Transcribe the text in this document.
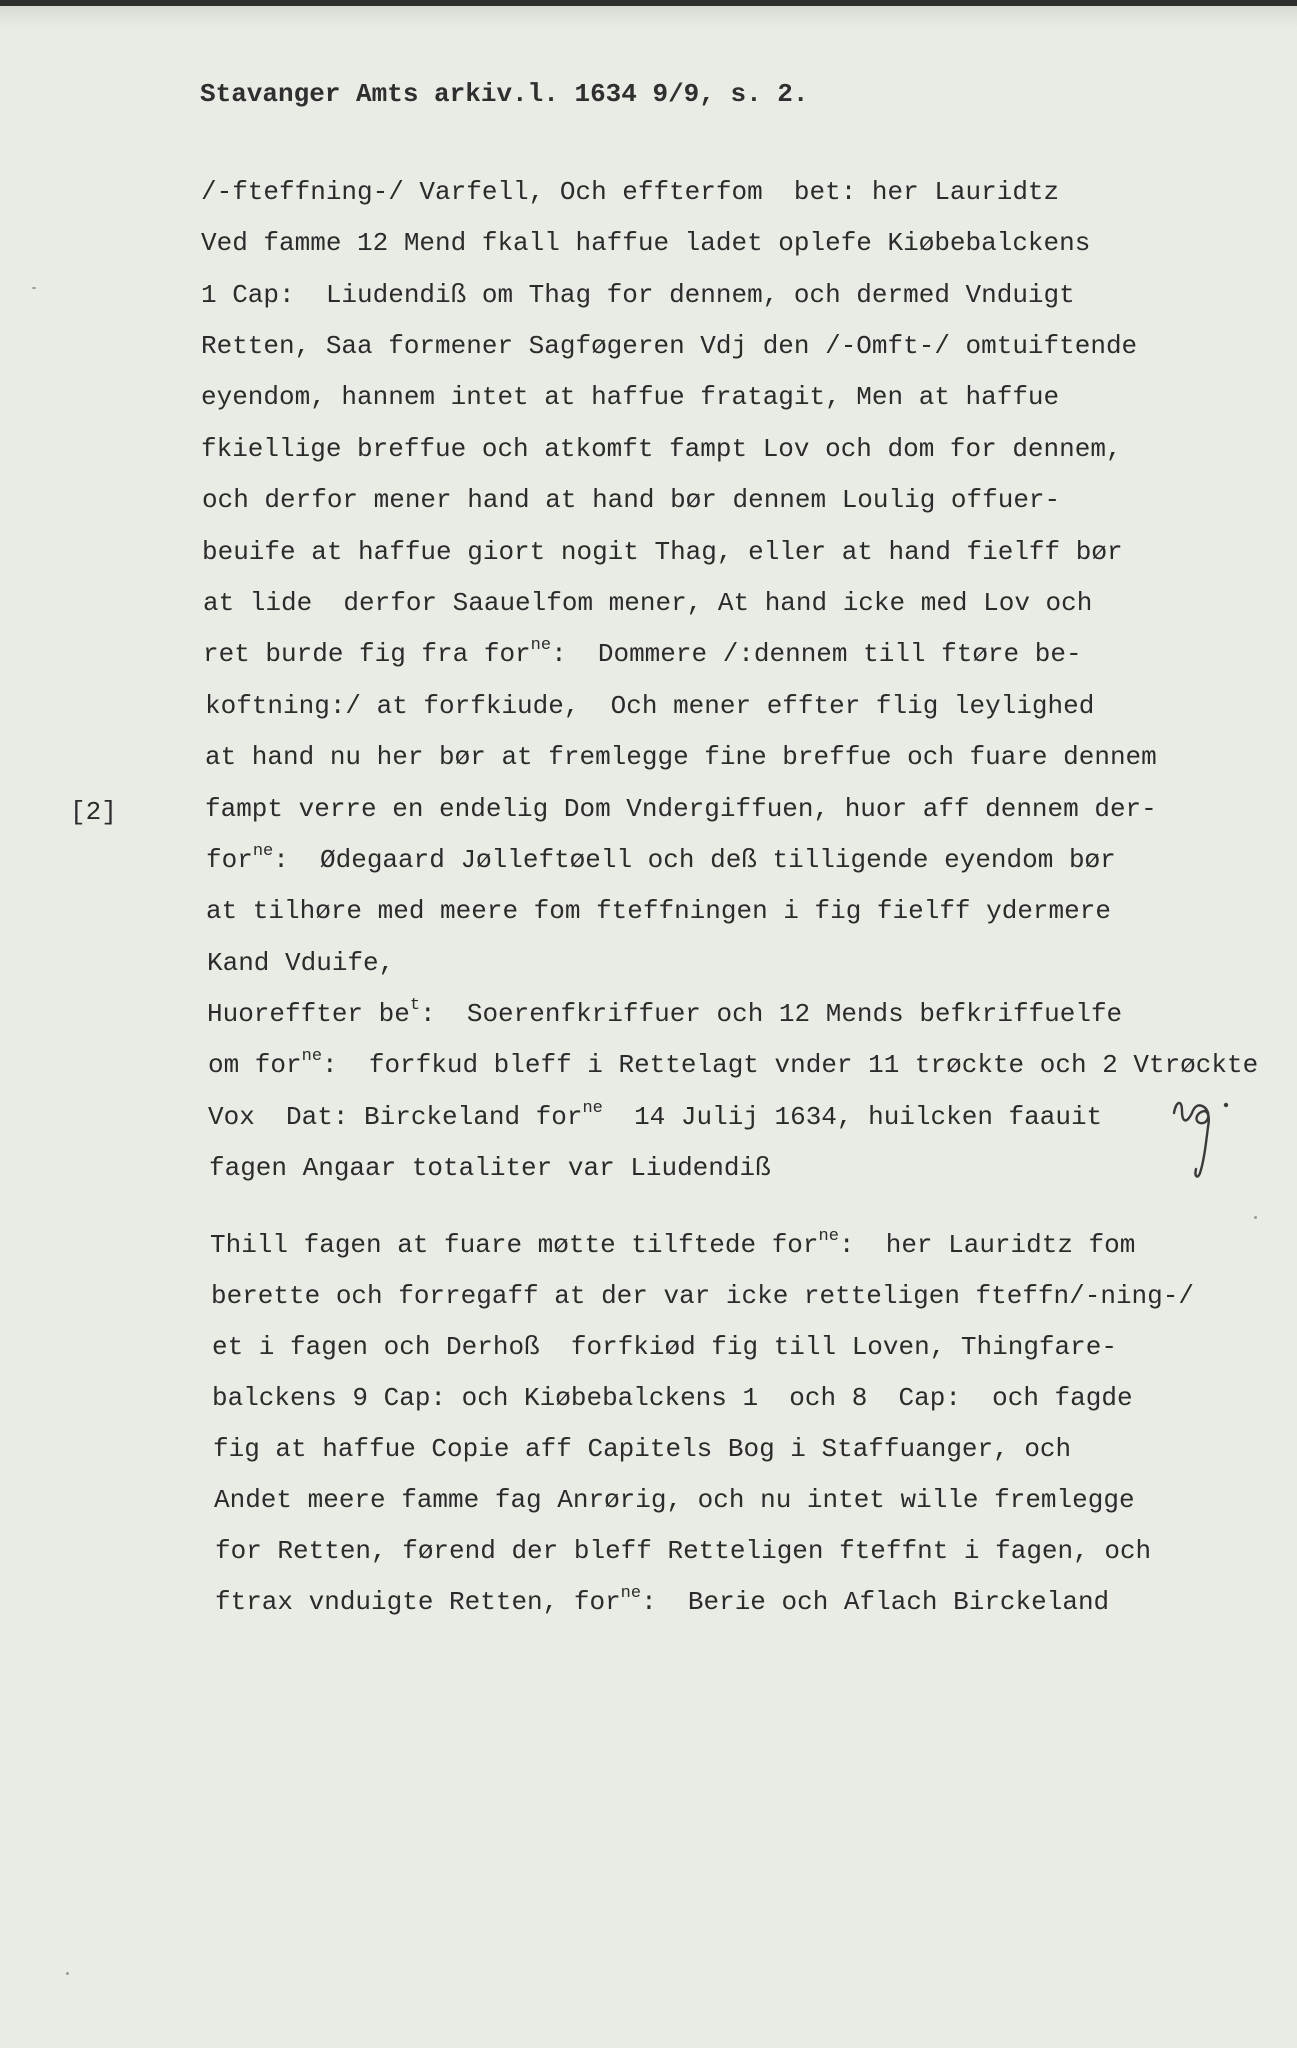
Stavanger Amts arkiv.l. 1634 9/9, s. 2.
[2]
/-fteffning-/ Varfell, Och effterfom  bet: her Lauridtz
Ved famme 12 Mend fkall haffue ladet oplefe Kiøbebalckens
1 Cap:  Liudendiß om Thag for dennem, och dermed Vnduigt
Retten, Saa formener Sagføgeren Vdj den /-Omft-/ omtuiftende
eyendom, hannem intet at haffue fratagit, Men at haffue
fkiellige breffue och atkomft fampt Lov och dom for dennem,
och derfor mener hand at hand bør dennem Loulig offuer-
beuife at haffue giort nogit Thag, eller at hand fielff bør
at lide  derfor Saauelfom mener, At hand icke med Lov och
ret burde fig fra for$^{ne}$:  Dommere /:dennem till ftøre be-
koftning:/ at forfkiude,  Och mener effter flig leylighed
at hand nu her bør at fremlegge fine breffue och fuare dennem
fampt verre en endelig Dom Vndergiffuen, huor aff dennem der-
for$^{ne}$:  Ødegaard Jølleftøell och deß tilligende eyendom bør
at tilhøre med meere fom fteffningen i fig fielff ydermere
Kand Vduife,
Huoreffter $be^t$:  Soerenfkriffuer och 12 Mends befkriffuelfe
om for$^{ne}$:  forfkud bleff i Rettelagt vnder 11 trøckte och 2 Vtrøckte
Vox  Dat: Birckeland for$^{ne}$  14 Julij 1634, huilcken faauit
fagen Angaar totaliter var Liudendiß
Thill fagen at fuare møtte tilftede for$^{ne}$:  her Lauridtz fom
berette och forregaff at der var icke retteligen fteffn/-ning-/
et i fagen och Derhoß  forfkiød fig till Loven, Thingfare-
balckens 9 Cap: och Kiøbebalckens 1  och 8  Cap:  och fagde
fig at haffue Copie aff Capitels Bog i Staffuanger, och
Andet meere famme fag Anrørig, och nu intet wille fremlegge
for Retten, førend der bleff Retteligen fteffnt i fagen, och
ftrax vnduigte Retten, for$^{ne}$:  Berie och Aflach Birckeland
